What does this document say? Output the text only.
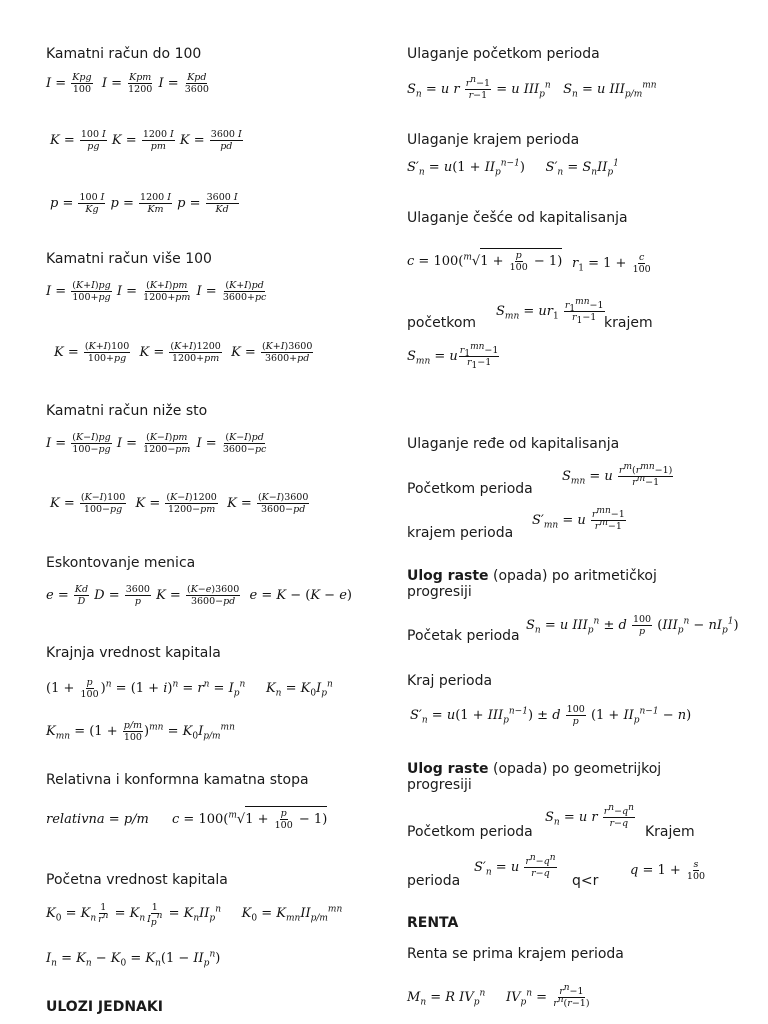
Kamatni račun do 100
$I = \frac{\text{Kpg}}{100}$ $I = \frac{\text{Kpm}}{1200}$ $I = \frac{\text{Kpd}}{3600}$
$K = \frac{100 I}{pg}$ $K = \frac{1200 I}{pm}$ $K = \frac{3600 I}{pd}$
$p = \frac{100 I}{Kg}$ $p = \frac{1200 I}{Km}$ $p = \frac{3600 I}{Kd}$
Kamatni račun više 100
$I = \frac{(K+I)pg}{100+pg}$ $I = \frac{(K+I)pm}{1200+pm}$ $I = \frac{(K+I)pd}{3600+pc}$
$K = \frac{(K+I)100}{100+pg}$ $K = \frac{(K+I)1200}{1200+pm}$ $K = \frac{(K+I)3600}{3600+pd}$
Kamatni račun niže sto
$I = \frac{(K-I)pg}{100-pg}$ $I = \frac{(K-I)pm}{1200-pm}$ $I = \frac{(K-I)pd}{3600-pc}$
$K = \frac{(K-I)100}{100-pg}$ $K = \frac{(K-I)1200}{1200-pm}$ $K = \frac{(K-I)3600}{3600-pd}$
Eskontovanje menica
$e = \frac{Kd}{D}$ $D = \frac{3600}{p}$ $K = \frac{(K-e)3600}{3600-pd}$ e = K − (K − e)
Krajnja vrednost kapitala
$(1 + \frac{p}{100} )^n = (1 + i)^n = r^n = I_p^n$     $K_n = K_0I_p^n$
$K_{mn} = (1 + \frac{p/m}{100} )^{mn} = K_0I_{p/m}^{mn}$
Relativna i konformna kamatna stopa
relativna = p/m $c = 100(^m√1 + \frac{p}{100} - 1)$
Početna vrednost kapitala
$K_0 = K_n \frac{1}{r^n} = K_n \frac{1}{I_p^n} = K_nII_p^n$     $K_0 = K_{mn}II_{p/m}^{mn}$
$I_n = K_n - K_0 = K_n(1 - II_p^n)$
ULOZI JEDNAKI
Ulaganje početkom perioda
$S_n = u$ r $\frac{r^n-1}{r-1} = u$ $III_p^n$   $S_n = u$ $III_{p/m}^{mn}$
Ulaganje krajem perioda
$S'_n = u(1 + II_p^{n-1})$     $S'_n = S_nII_p^1$
Ulaganje češće od kapitalisanja
$c = 100(^m√1 + \frac{p}{100} - 1)$ $r_1 = 1 + \frac{c}{100}$
$S_{mn} = ur_1 \frac{r_1^{mn}-1}{r_1-1}$
početkom	krajem
$S_{mn} = u \frac{r_1^{mn}-1}{r_1-1}$
Ulaganje ređe od kapitalisanja
Početkom perioda
$S_{mn} = u \frac{r^m(r^{mn}-1)}{r^m-1}$
krajem perioda
$S'_{mn} = u \frac{r^{mn}-1}{r^m-1}$
Ulog raste (opada) po aritmetičkoj
progresiji
Početak perioda
$S_n = u$ $III_p^n \pm d \frac{100}{p} (III_p^n - nI_p^1)$
Kraj perioda
$S'_n = u(1 + III_p^{n-1}) \pm d \frac{100}{p} (1 + II_p^{n-1} - n)$
Ulog raste (opada) po geometrijkoj
progresiji
Početkom perioda
$S_n = u$ r $\frac{r^n-q^n}{r-q}$
Krajem
perioda
$S'_n = u \frac{r^n-q^n}{r-q}$
q<r
$q = 1 + \frac{s}{100}$
RENTA
Renta se prima krajem perioda
$M_n = R$ $IV_p^n$     $IV_p^n = \frac{r^n-1}{r^n(r-1)}$
